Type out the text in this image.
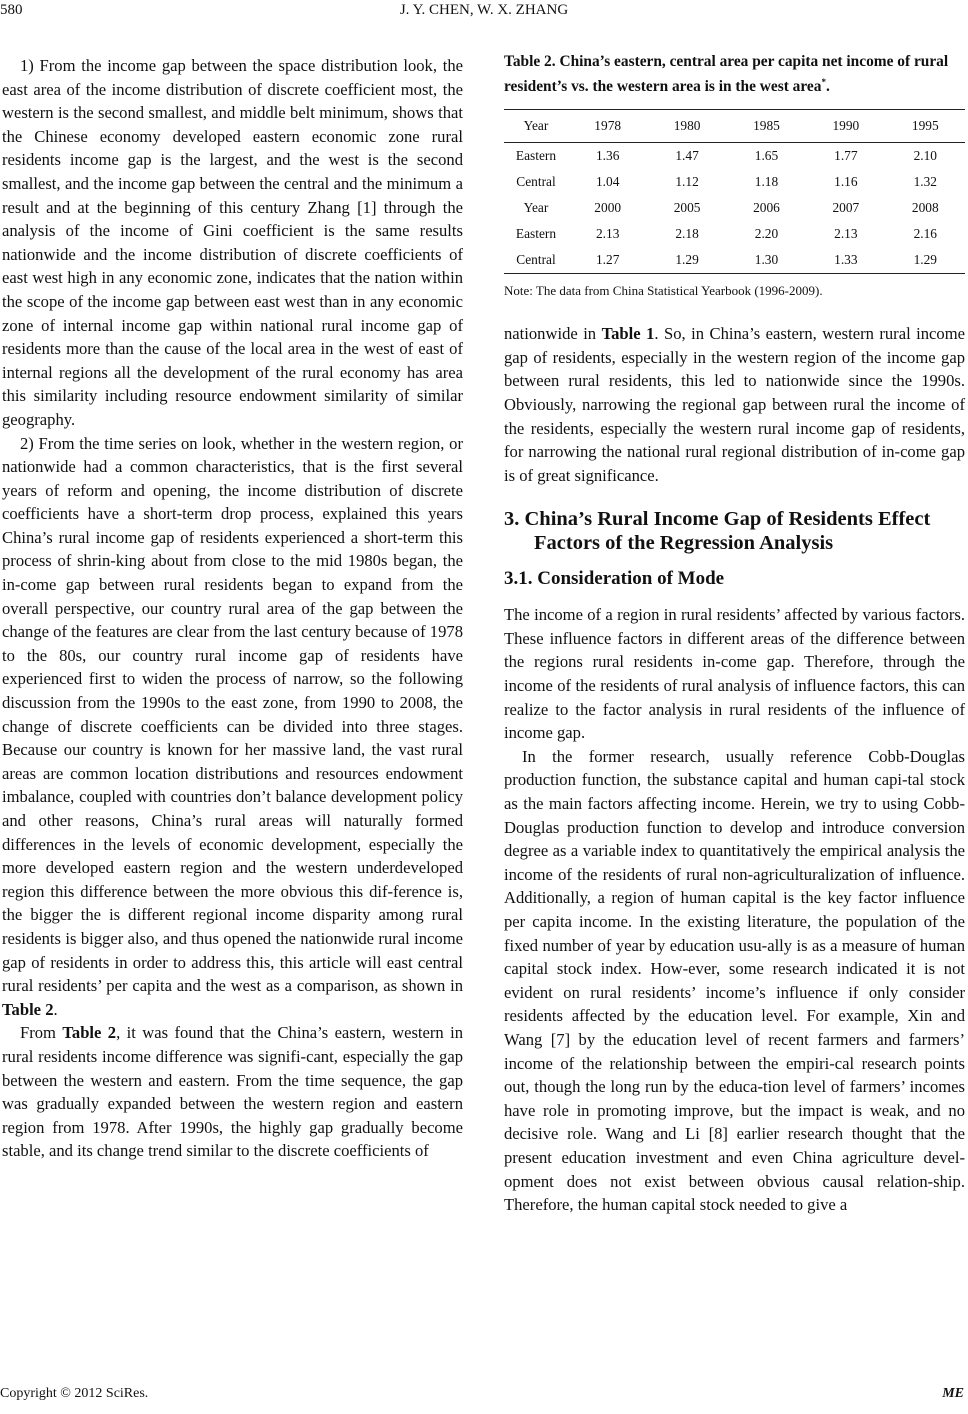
580	J. Y. CHEN, W. X. ZHANG

1) From the income gap between the space distribution look, the east area of the income distribution of discrete coefficient most, the western is the second smallest, and middle belt minimum, shows that the Chinese economy developed eastern economic zone rural residents income gap is the largest, and the west is the second smallest, and the income gap between the central and the minimum a result and at the beginning of this century Zhang [1] through the analysis of the income of Gini coefficient is the same results nationwide and the income distribution of discrete coefficients of east west high in any economic zone, indicates that the nation within the scope of the income gap between east west than in any economic zone of internal income gap within national rural income gap of residents more than the cause of the local area in the west of east of internal regions all the development of the rural economy has area this similarity including resource endowment similarity of similar geography.

2) From the time series on look, whether in the western region, or nationwide had a common characteristics, that is the first several years of reform and opening, the income distribution of discrete coefficients have a short-term drop process, explained this years China’s rural income gap of residents experienced a short-term this process of shrin-king about from close to the mid 1980s began, the in-come gap between rural residents began to expand from the overall perspective, our country rural area of the gap between the change of the features are clear from the last century because of 1978 to the 80s, our country rural income gap of residents have experienced first to widen the process of narrow, so the following discussion from the 1990s to the east zone, from 1990 to 2008, the change of discrete coefficients can be divided into three stages. Because our country is known for her massive land, the vast rural areas are common location distributions and resources endowment imbalance, coupled with countries don’t balance development policy and other reasons, China’s rural areas will naturally formed differences in the levels of economic development, especially the more developed eastern region and the western underdeveloped region this difference between the more obvious this dif-ference is, the bigger the is different regional income disparity among rural residents is bigger also, and thus opened the nationwide rural income gap of residents in order to address this, this article will east central rural residents’ per capita and the west as a comparison, as shown in Table 2.

From Table 2, it was found that the China’s eastern, western in rural residents income difference was signifi-cant, especially the gap between the western and eastern. From the time sequence, the gap was gradually expanded between the western region and eastern region from 1978. After 1990s, the highly gap gradually become stable, and its change trend similar to the discrete coefficients of

Table 2. China’s eastern, central area per capita net income of rural resident’s vs. the western area is in the west area*.
Year	1978	1980	1985	1990	1995
Eastern	1.36	1.47	1.65	1.77	2.10
Central	1.04	1.12	1.18	1.16	1.32
Year	2000	2005	2006	2007	2008
Eastern	2.13	2.18	2.20	2.13	2.16
Central	1.27	1.29	1.30	1.33	1.29
Note: The data from China Statistical Yearbook (1996-2009).

nationwide in Table 1. So, in China’s eastern, western rural income gap of residents, especially in the western region of the income gap between rural residents, this led to nationwide since the 1990s. Obviously, narrowing the regional gap between rural the income of the residents, especially the western rural income gap of residents, for narrowing the national rural regional distribution of in-come gap is of great significance.

3. China’s Rural Income Gap of Residents Effect Factors of the Regression Analysis
3.1. Consideration of Mode

The income of a region in rural residents’ affected by various factors. These influence factors in different areas of the difference between the regions rural residents in-come gap. Therefore, through the income of the residents of rural analysis of influence factors, this can realize to the factor analysis in rural residents of the influence of income gap.

In the former research, usually reference Cobb-Douglas production function, the substance capital and human capi-tal stock as the main factors affecting income. Herein, we try to using Cobb-Douglas production function to develop and introduce conversion degree as a variable index to quantitatively the empirical analysis the income of the residents of rural non-agriculturalization of influence. Additionally, a region of human capital is the key factor influence per capita income. In the existing literature, the population of the fixed number of year by education usu-ally is as a measure of human capital stock index. How-ever, some research indicated it is not evident on rural residents’ income’s influence if only consider residents affected by the education level. For example, Xin and Wang [7] by the education level of recent farmers and farmers’ income of the relationship between the empiri-cal research points out, though the long run by the educa-tion level of farmers’ incomes have role in promoting improve, but the impact is weak, and no decisive role. Wang and Li [8] earlier research thought that the present education investment and even China agriculture devel-opment does not exist between obvious causal relation-ship. Therefore, the human capital stock needed to give a

Copyright © 2012 SciRes.	ME
